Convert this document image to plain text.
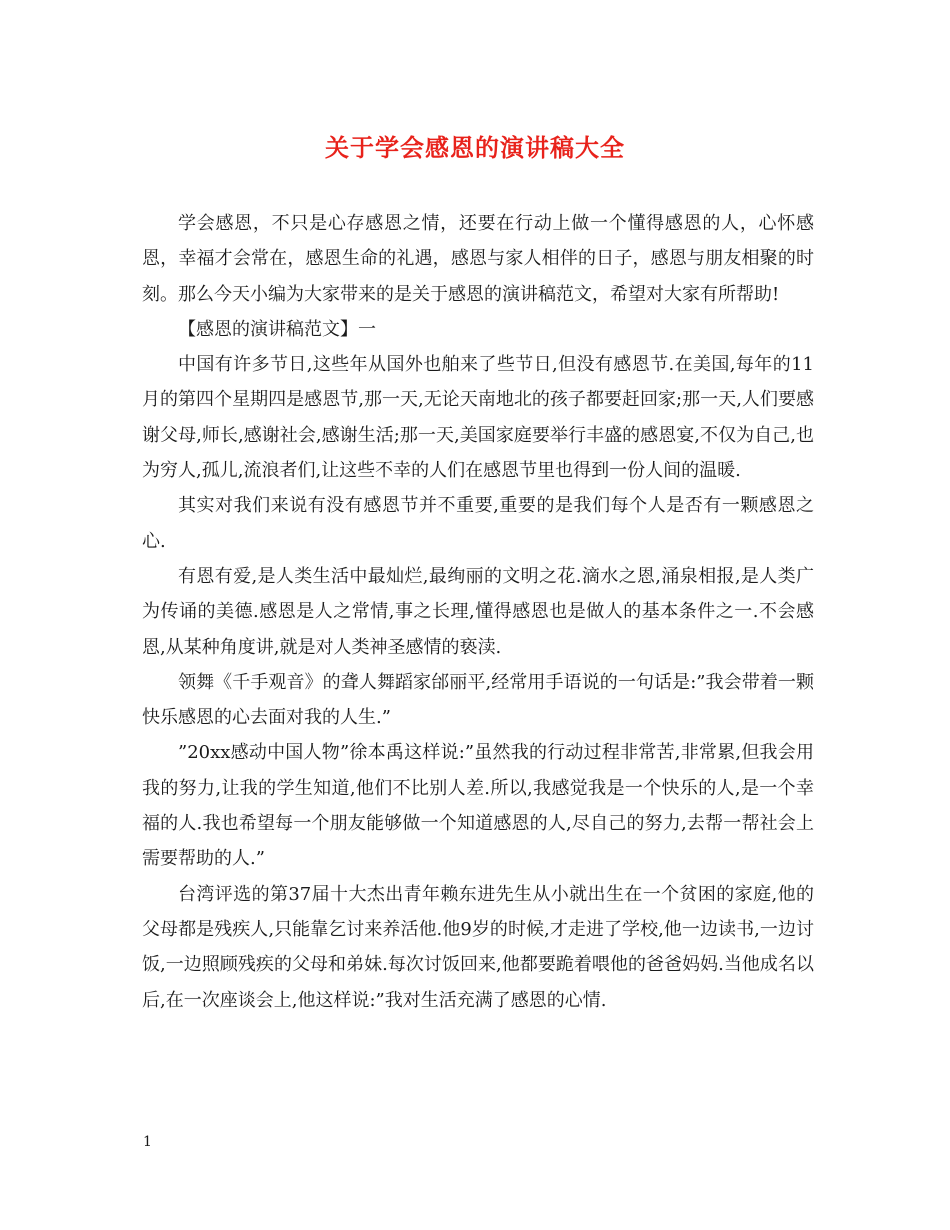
关于学会感恩的演讲稿大全

学会感恩，不只是心存感恩之情，还要在行动上做一个懂得感恩的人，心怀感恩，幸福才会常在，感恩生命的礼遇，感恩与家人相伴的日子，感恩与朋友相聚的时刻。那么今天小编为大家带来的是关于感恩的演讲稿范文，希望对大家有所帮助!

【感恩的演讲稿范文】一

中国有许多节日,这些年从国外也舶来了些节日,但没有感恩节.在美国,每年的11月的第四个星期四是感恩节,那一天,无论天南地北的孩子都要赶回家;那一天,人们要感谢父母,师长,感谢社会,感谢生活;那一天,美国家庭要举行丰盛的感恩宴,不仅为自己,也为穷人,孤儿,流浪者们,让这些不幸的人们在感恩节里也得到一份人间的温暖.

其实对我们来说有没有感恩节并不重要,重要的是我们每个人是否有一颗感恩之心.

有恩有爱,是人类生活中最灿烂,最绚丽的文明之花.滴水之恩,涌泉相报,是人类广为传诵的美德.感恩是人之常情,事之长理,懂得感恩也是做人的基本条件之一.不会感恩,从某种角度讲,就是对人类神圣感情的亵渎.

领舞《千手观音》的聋人舞蹈家邰丽平,经常用手语说的一句话是:”我会带着一颗快乐感恩的心去面对我的人生.”

”20xx感动中国人物”徐本禹这样说:”虽然我的行动过程非常苦,非常累,但我会用我的努力,让我的学生知道,他们不比别人差.所以,我感觉我是一个快乐的人,是一个幸福的人.我也希望每一个朋友能够做一个知道感恩的人,尽自己的努力,去帮一帮社会上需要帮助的人.”

台湾评选的第37届十大杰出青年赖东进先生从小就出生在一个贫困的家庭,他的父母都是残疾人,只能靠乞讨来养活他.他9岁的时候,才走进了学校,他一边读书,一边讨饭,一边照顾残疾的父母和弟妹.每次讨饭回来,他都要跪着喂他的爸爸妈妈.当他成名以后,在一次座谈会上,他这样说:”我对生活充满了感恩的心情.

1
